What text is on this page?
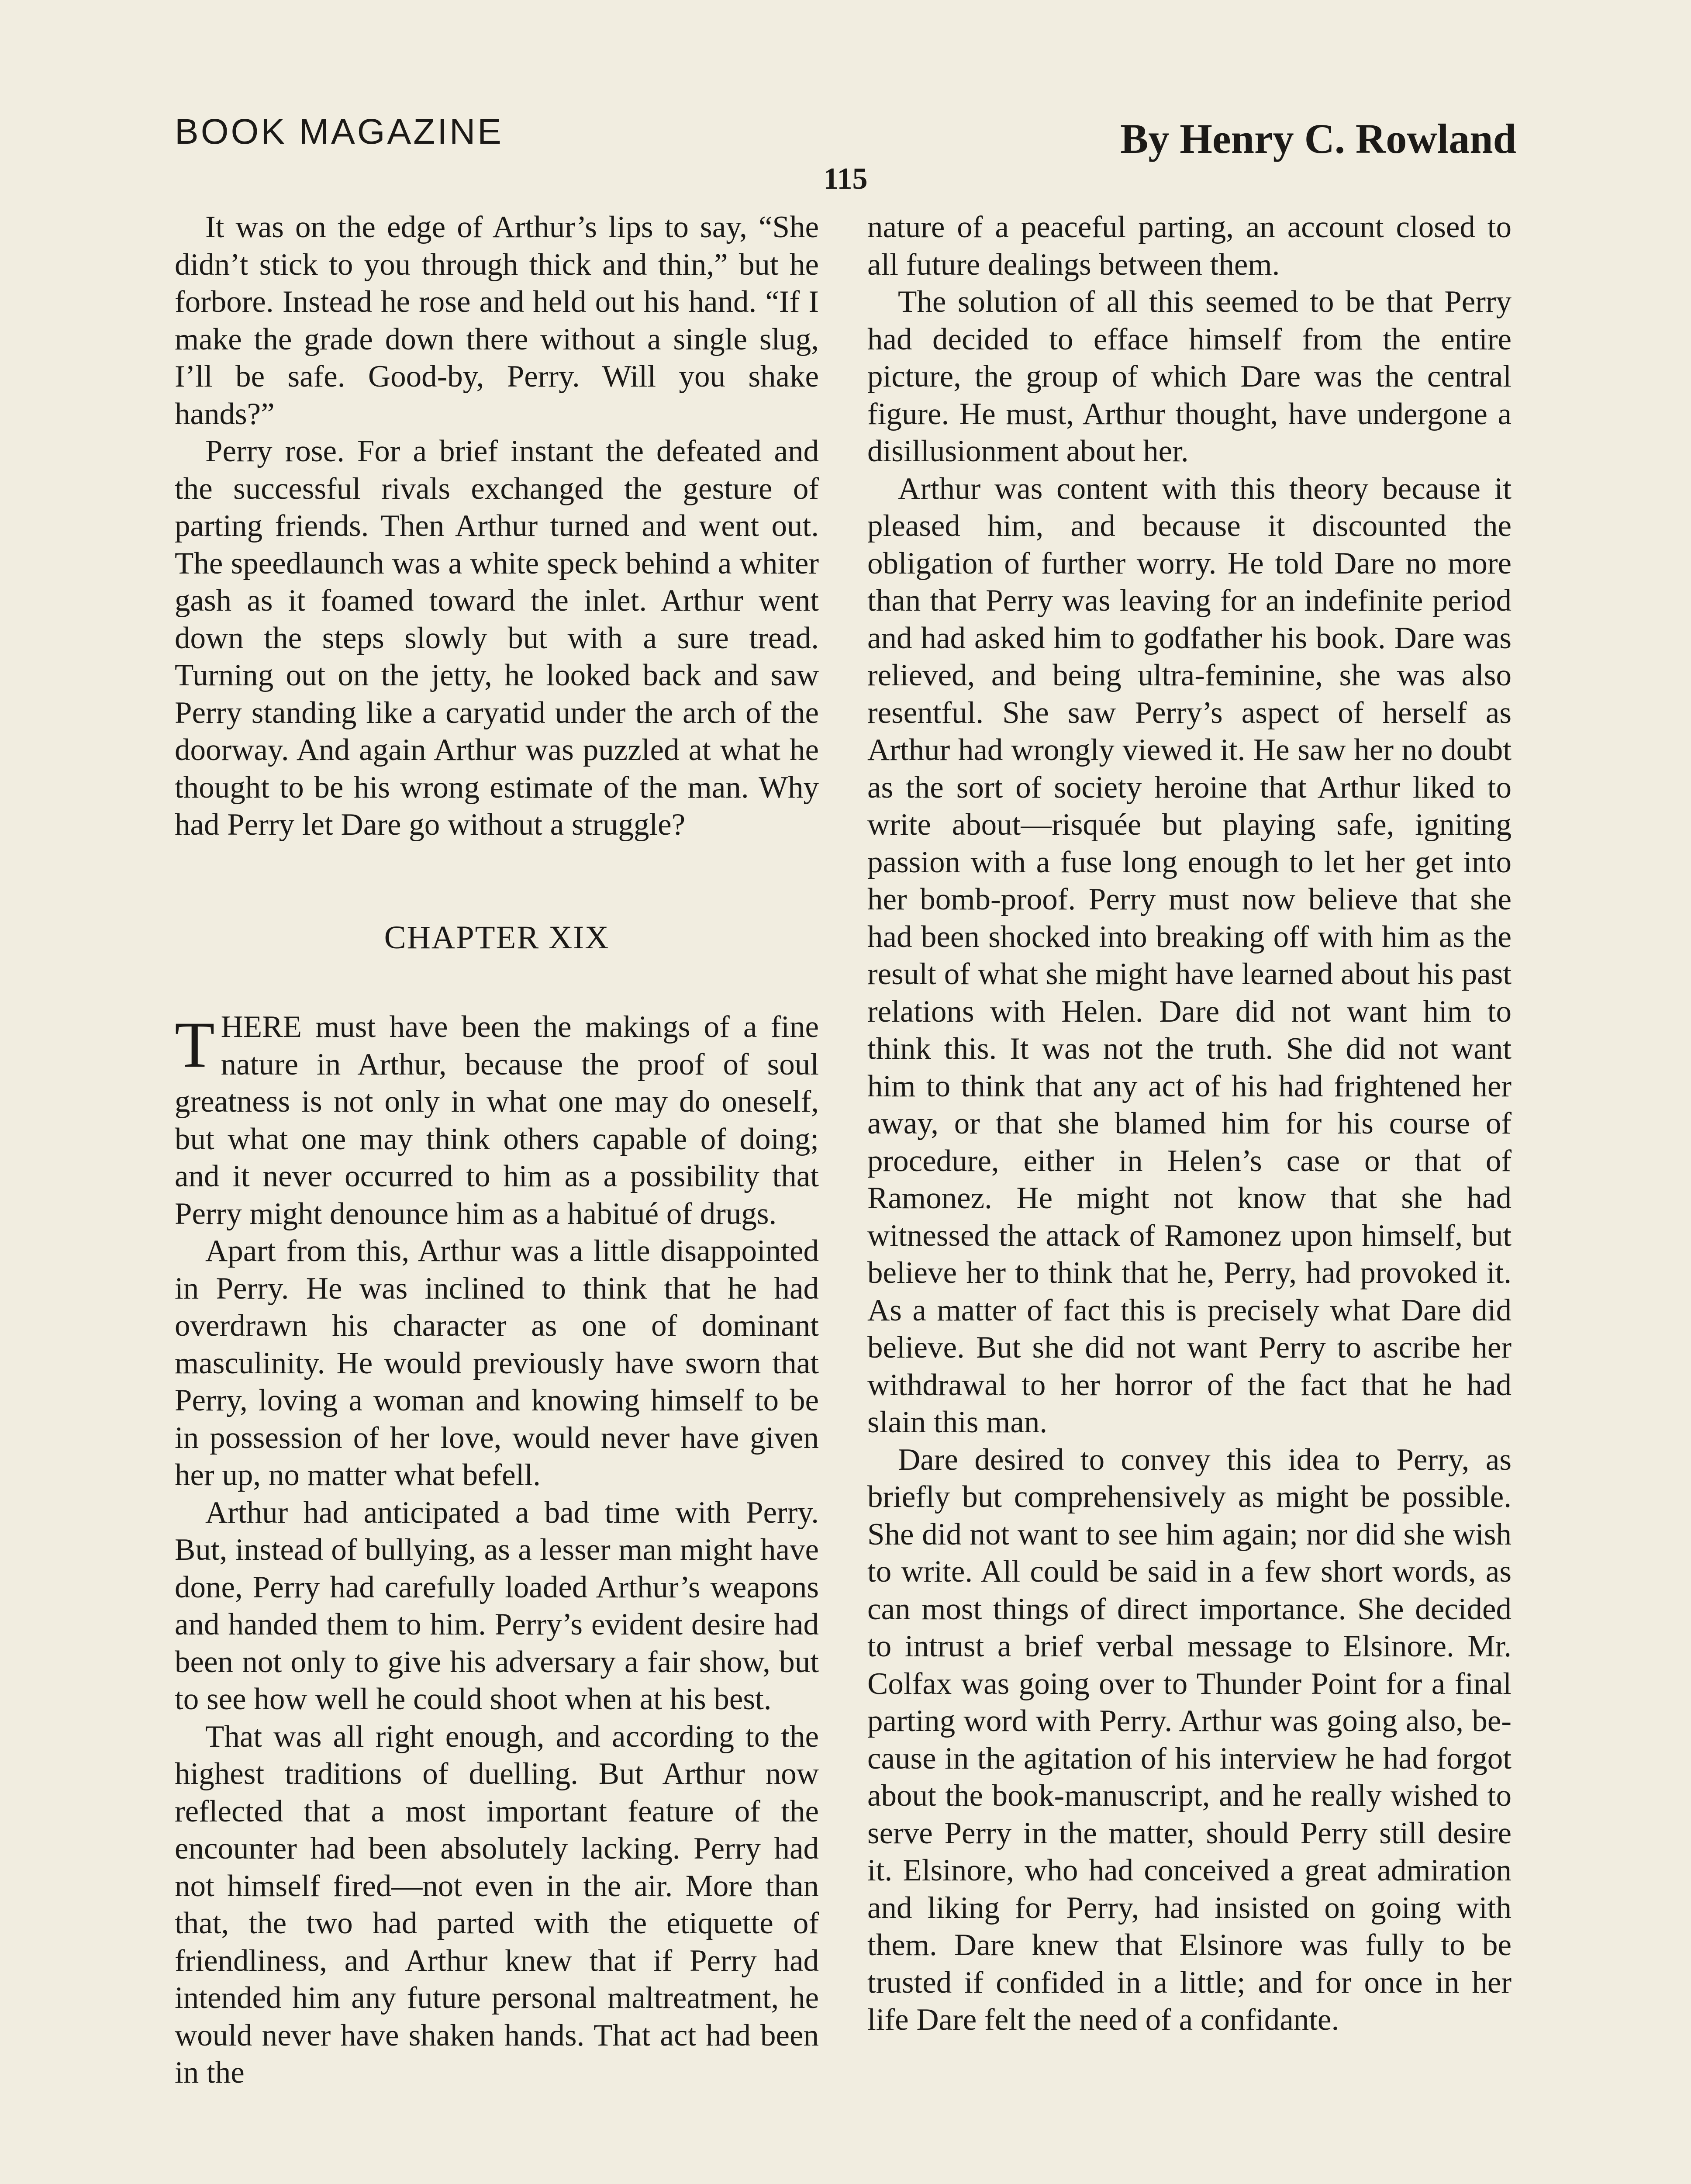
BOOK MAGAZINE	By Henry C. Rowland
115

It was on the edge of Arthur’s lips to say, “She didn’t stick to you through thick and thin,” but he forbore. Instead he rose and held out his hand. “If I make the grade down there without a single slug, I’ll be safe. Good-by, Perry. Will you shake hands?”

Perry rose. For a brief instant the defeated and the successful rivals exchanged the gesture of parting friends. Then Arthur turned and went out. The speedlaunch was a white speck behind a whiter gash as it foamed toward the inlet. Arthur went down the steps slowly but with a sure tread. Turning out on the jetty, he looked back and saw Perry standing like a caryatid under the arch of the doorway. And again Arthur was puzzled at what he thought to be his wrong estimate of the man. Why had Perry let Dare go without a struggle?

CHAPTER XIX

THERE must have been the makings of a fine nature in Arthur, because the proof of soul greatness is not only in what one may do oneself, but what one may think others capable of doing; and it never occurred to him as a possibility that Perry might denounce him as a habitué of drugs.

Apart from this, Arthur was a little disappointed in Perry. He was inclined to think that he had overdrawn his character as one of dominant masculinity. He would previously have sworn that Perry, loving a woman and knowing himself to be in possession of her love, would never have given her up, no matter what befell.

Arthur had anticipated a bad time with Perry. But, instead of bullying, as a lesser man might have done, Perry had carefully loaded Arthur’s weapons and handed them to him. Perry’s evident desire had been not only to give his adversary a fair show, but to see how well he could shoot when at his best.

That was all right enough, and according to the highest traditions of duelling. But Arthur now reflected that a most important feature of the encounter had been absolutely lacking. Perry had not himself fired—not even in the air. More than that, the two had parted with the etiquette of friendliness, and Arthur knew that if Perry had intended him any future personal maltreatment, he would never have shaken hands. That act had been in the

nature of a peaceful parting, an account closed to all future dealings between them.

The solution of all this seemed to be that Perry had decided to efface himself from the entire picture, the group of which Dare was the central figure. He must, Arthur thought, have undergone a disillusionment about her.

Arthur was content with this theory because it pleased him, and because it discounted the obligation of further worry. He told Dare no more than that Perry was leaving for an indefinite period and had asked him to godfather his book. Dare was relieved, and being ultra-feminine, she was also resentful. She saw Perry’s aspect of herself as Arthur had wrongly viewed it. He saw her no doubt as the sort of society heroine that Arthur liked to write about—risquée but playing safe, igniting passion with a fuse long enough to let her get into her bomb-proof. Perry must now believe that she had been shocked into breaking off with him as the result of what she might have learned about his past relations with Helen. Dare did not want him to think this. It was not the truth. She did not want him to think that any act of his had frightened her away, or that she blamed him for his course of procedure, either in Helen’s case or that of Ramonez. He might not know that she had witnessed the attack of Ramonez upon himself, but believe her to think that he, Perry, had provoked it. As a matter of fact this is precisely what Dare did believe. But she did not want Perry to ascribe her withdrawal to her horror of the fact that he had slain this man.

Dare desired to convey this idea to Perry, as briefly but comprehensively as might be possible. She did not want to see him again; nor did she wish to write. All could be said in a few short words, as can most things of direct importance. She decided to intrust a brief verbal message to Elsinore. Mr. Colfax was going over to Thunder Point for a final parting word with Perry. Arthur was going also, because in the agitation of his interview he had forgot about the book-manuscript, and he really wished to serve Perry in the matter, should Perry still desire it. Elsinore, who had conceived a great admiration and liking for Perry, had insisted on going with them. Dare knew that Elsinore was fully to be trusted if confided in a little; and for once in her life Dare felt the need of a confidante.
